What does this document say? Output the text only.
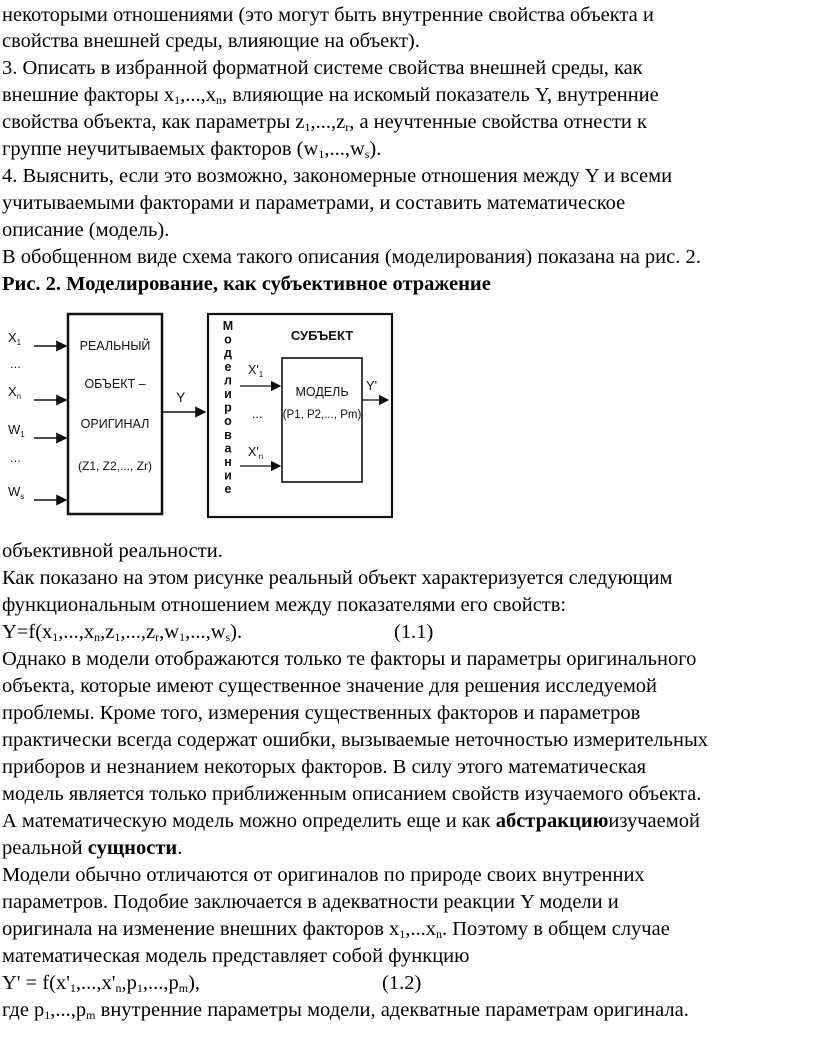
некоторыми отношениями (это могут быть внутренние свойства объекта и
свойства внешней среды, влияющие на объект).
3. Описать в избранной форматной системе свойства внешней среды, как
внешние факторы $x_1,...,x_n$, влияющие на искомый показатель Y, внутренние
свойства объекта, как параметры $z_1,...,z_r$, а неучтенные свойства отнести к
группе неучитываемых факторов $(w_1,...,w_s)$.
4. Выяснить, если это возможно, закономерные отношения между Y и всеми
учитываемыми факторами и параметрами, и составить математическое
описание (модель).
В обобщенном виде схема такого описания (моделирования) показана на рис. 2.
Рис. 2. Моделирование, как субъективное отражение
$X_1$
...
$X_n$
$W_1$
...
$W_s$
РЕАЛЬНЫЙ
ОБЪЕКТ –
ОРИГИНАЛ
(Z1, Z2,..., Zr)
Y
М
о
д
е
л
и
р
о
в
а
н
и
е
СУБЪЕКТ
МОДЕЛЬ
(P1, P2,..., Pm)
$X'_1$
...
$X'_n$
Y'
объективной реальности.
Как показано на этом рисунке реальный объект характеризуется следующим
функциональным отношением между показателями его свойств:
$Y=f(x_1,...,x_n,z_1,...,z_r,w_1,...,w_s)$.	(1.1)
Однако в модели отображаются только те факторы и параметры оригинального
объекта, которые имеют существенное значение для решения исследуемой
проблемы. Кроме того, измерения существенных факторов и параметров
практически всегда содержат ошибки, вызываемые неточностью измерительных
приборов и незнанием некоторых факторов. В силу этого математическая
модель является только приближенным описанием свойств изучаемого объекта.
А математическую модель можно определить еще и как абстракциюизучаемой
реальной сущности.
Модели обычно отличаются от оригиналов по природе своих внутренних
параметров. Подобие заключается в адекватности реакции Y модели и
оригинала на изменение внешних факторов $x_1,...x_n$. Поэтому в общем случае
математическая модель представляет собой функцию
$Y' = f(x'_1,...,x'_n,p_1,...,p_m)$,	(1.2)
где $p_1,...,p_m$ внутренние параметры модели, адекватные параметрам оригинала.
